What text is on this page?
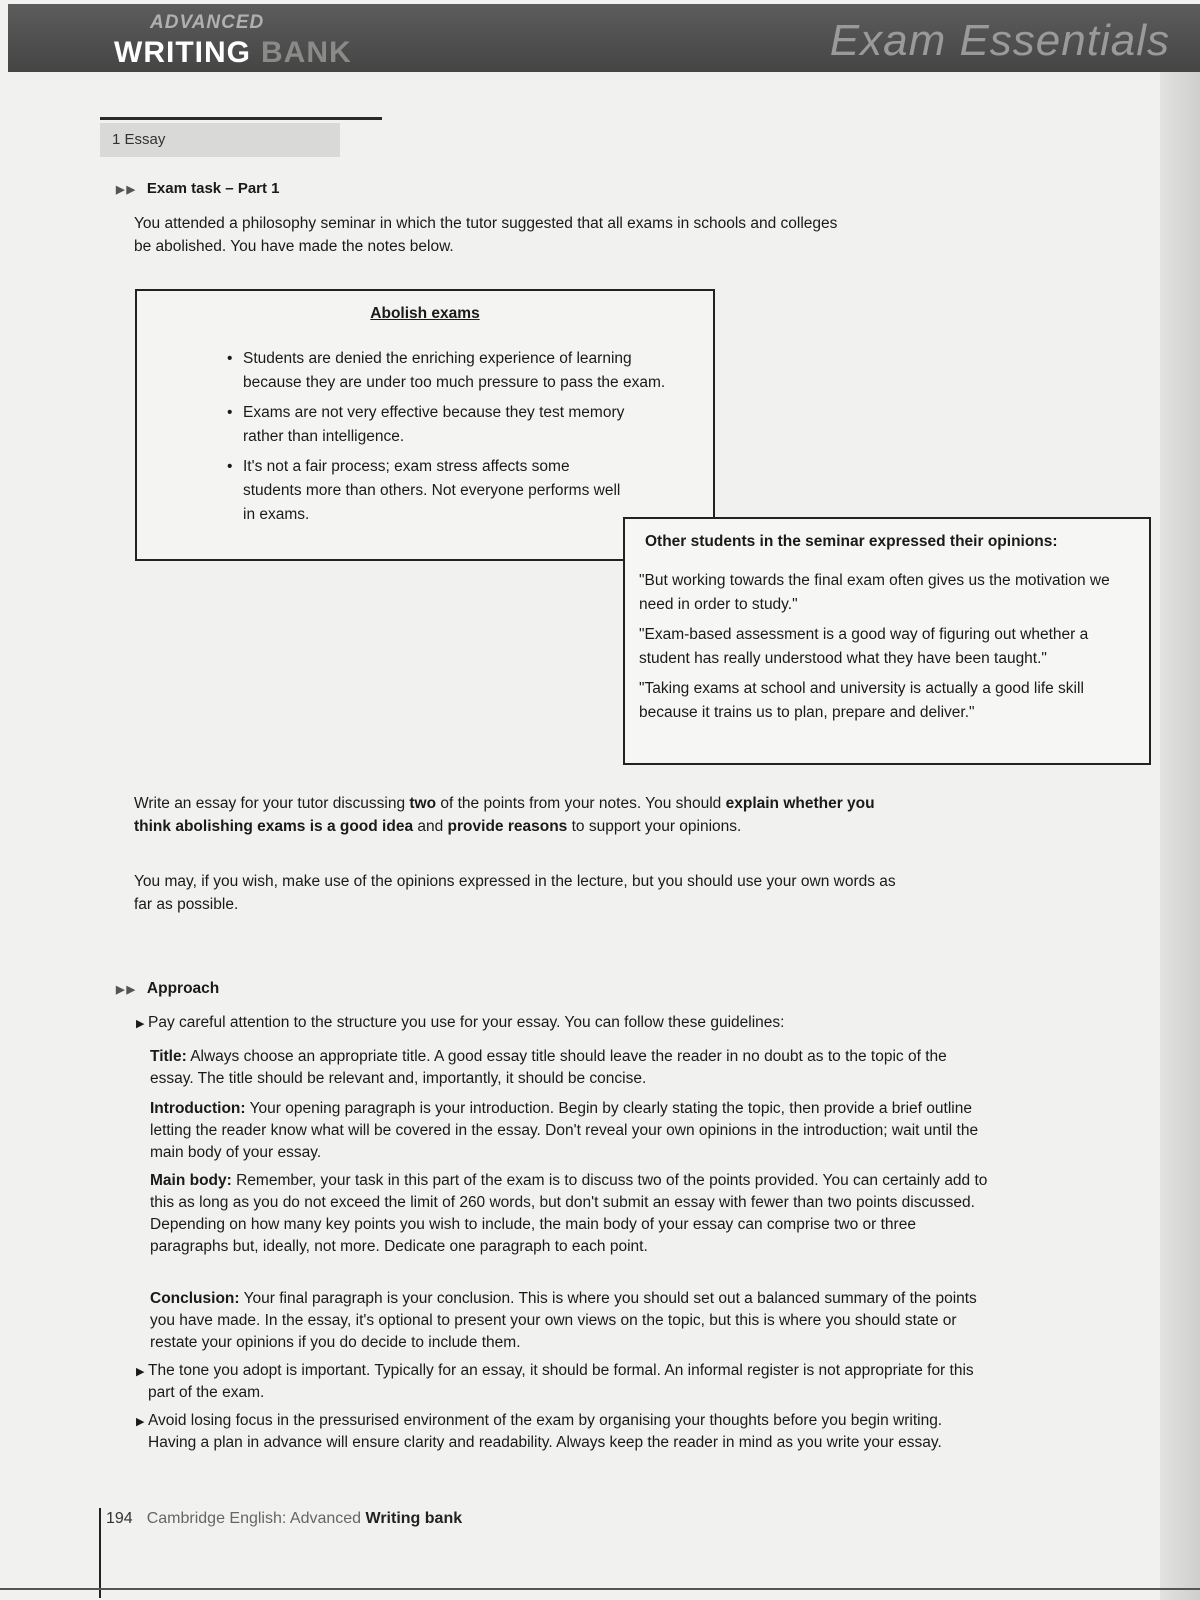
ADVANCED
WRITING BANK	Exam Essentials
1 Essay
▶▶ Exam task – Part 1

You attended a philosophy seminar in which the tutor suggested that all exams in schools and colleges be abolished. You have made the notes below.

Abolish exams
• Students are denied the enriching experience of learning because they are under too much pressure to pass the exam.
• Exams are not very effective because they test memory rather than intelligence.
• It's not a fair process; exam stress affects some students more than others. Not everyone performs well in exams.
Other students in the seminar expressed their opinions:

"But working towards the final exam often gives us the motivation we need in order to study."

"Exam-based assessment is a good way of figuring out whether a student has really understood what they have been taught."

"Taking exams at school and university is actually a good life skill because it trains us to plan, prepare and deliver."

Write an essay for your tutor discussing two of the points from your notes. You should explain whether you think abolishing exams is a good idea and provide reasons to support your opinions.

You may, if you wish, make use of the opinions expressed in the lecture, but you should use your own words as far as possible.

▶▶ Approach

▶ Pay careful attention to the structure you use for your essay. You can follow these guidelines:

Title: Always choose an appropriate title. A good essay title should leave the reader in no doubt as to the topic of the essay. The title should be relevant and, importantly, it should be concise.

Introduction: Your opening paragraph is your introduction. Begin by clearly stating the topic, then provide a brief outline letting the reader know what will be covered in the essay. Don't reveal your own opinions in the introduction; wait until the main body of your essay.

Main body: Remember, your task in this part of the exam is to discuss two of the points provided. You can certainly add to this as long as you do not exceed the limit of 260 words, but don't submit an essay with fewer than two points discussed. Depending on how many key points you wish to include, the main body of your essay can comprise two or three paragraphs but, ideally, not more. Dedicate one paragraph to each point.

Conclusion: Your final paragraph is your conclusion. This is where you should set out a balanced summary of the points you have made. In the essay, it's optional to present your own views on the topic, but this is where you should state or restate your opinions if you do decide to include them.

▶ The tone you adopt is important. Typically for an essay, it should be formal. An informal register is not appropriate for this part of the exam.

▶ Avoid losing focus in the pressurised environment of the exam by organising your thoughts before you begin writing. Having a plan in advance will ensure clarity and readability. Always keep the reader in mind as you write your essay.

194 Cambridge English: Advanced Writing bank
